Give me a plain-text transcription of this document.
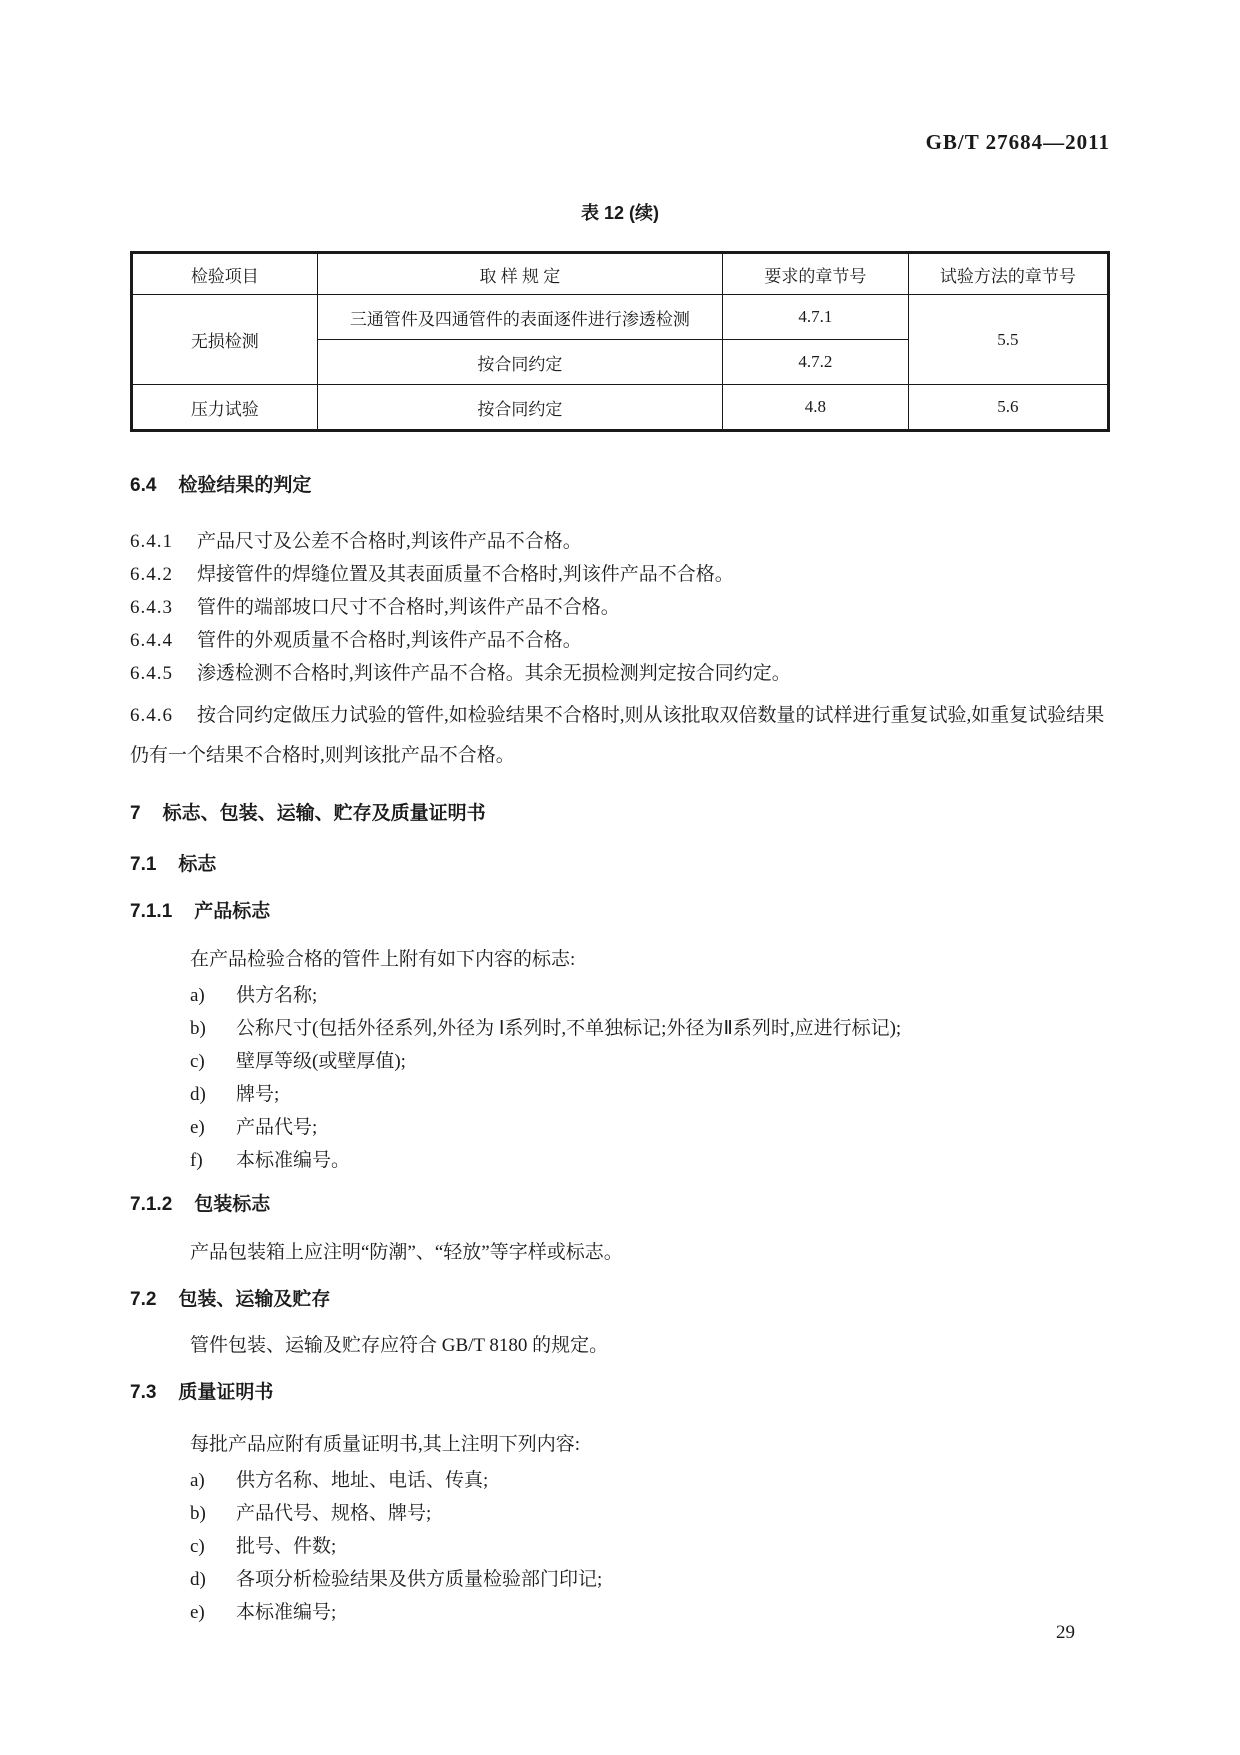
GB/T 27684—2011
表 12 (续)
检验项目	取 样 规 定	要求的章节号	试验方法的章节号
无损检测	三通管件及四通管件的表面逐件进行渗透检测	4.7.1	5.5
	按合同约定	4.7.2	
压力试验	按合同约定	4.8	5.6
6.4 检验结果的判定

6.4.1 产品尺寸及公差不合格时,判该件产品不合格。

6.4.2 焊接管件的焊缝位置及其表面质量不合格时,判该件产品不合格。

6.4.3 管件的端部坡口尺寸不合格时,判该件产品不合格。

6.4.4 管件的外观质量不合格时,判该件产品不合格。

6.4.5 渗透检测不合格时,判该件产品不合格。其余无损检测判定按合同约定。

6.4.6 按合同约定做压力试验的管件,如检验结果不合格时,则从该批取双倍数量的试样进行重复试验,如重复试验结果仍有一个结果不合格时,则判该批产品不合格。

7 标志、包装、运输、贮存及质量证明书
7.1 标志
7.1.1 产品标志

在产品检验合格的管件上附有如下内容的标志:

a)	供方名称;
b)	公称尺寸(包括外径系列,外径为 Ⅰ系列时,不单独标记;外径为Ⅱ系列时,应进行标记);
c)	壁厚等级(或壁厚值);
d)	牌号;
e)	产品代号;
f)	本标准编号。
7.1.2 包装标志

产品包装箱上应注明“防潮”、“轻放”等字样或标志。

7.2 包装、运输及贮存

管件包装、运输及贮存应符合 GB/T 8180 的规定。

7.3 质量证明书

每批产品应附有质量证明书,其上注明下列内容:

a)	供方名称、地址、电话、传真;
b)	产品代号、规格、牌号;
c)	批号、件数;
d)	各项分析检验结果及供方质量检验部门印记;
e)	本标准编号;
29
